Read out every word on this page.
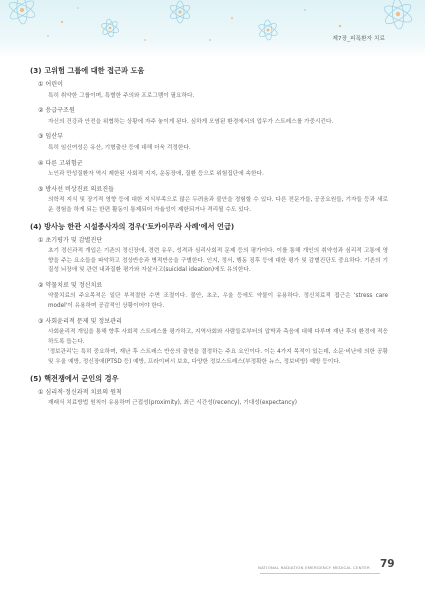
제7장_피폭환자 치료
(3) 고위험 그룹에 대한 접근과 도움
① 어린이
특히 취약한 그룹이며, 특별한 주의와 프로그램이 필요하다.
② 응급구조원
자신의 건강과 안전을 위협하는 상황에 자주 놓이게 된다. 심하게 오염된 환경에서의 업무가 스트레스를 가중시킨다.
③ 임산부
특히 임신여성은 유산, 기형출산 등에 대해 더욱 걱정한다.
④ 다른 고위험군
노인과 만성질환자 역시 제한된 사회적 지지, 운동장애, 질환 등으로 위험집단에 속한다.
⑤ 방사선 비상진료 의료진들
의학적 지식 및 장기적 영향 등에 대한 지식부족으로 많은 두려움과 불안을 경험할 수 있다. 다른 전문가들, 공공요원들, 기자들 등과 새로운 경험을 하게 되는 한편 활동이 통제되어 자율성이 제한되거나 격리될 수도 있다.
(4) 방사능 한관 시설종사자의 경우('토카이무라 사례'에서 언급)
① 초기평가 및 감별진단
초기 정신과적 개입은 기존의 정신장애, 경련 유무, 성격과 심리사회적 문제 등의 평가이다. 이를 통해 개인의 취약성과 심리적 고통에 영향을 주는 요소들을 파악하고 정상반응과 병적반응을 구별한다. 인지, 정서, 행동 징후 등에 대한 평가 및 감별진단도 중요하다. 기존의 기질성 뇌장애 및 관련 내과질환 평가와 자살사고(suicidal ideation)에도 유의한다.
② 약물치료 및 정신치료
약물치료의 주요목적은 일단 부적절한 수면 조절이다. 불안, 초조, 우울 등에도 약물이 유용하다. 정신치료적 접근은 'stress care model'이 유용하며 공감적인 상황이어야 한다.
③ 사회윤리적 문제 및 정보관리
사회윤리적 개입을 통해 향후 사회적 스트레스를 평가하고, 지역사회와 사람들로부터의 압박과 측음에 대해 다루며 재난 후의 환경에 적응하도록 돕는다.
'정보관리'는 특히 중요하며, 재난 후 스트레스 반응의 출현을 결정하는 주요 요인이다. 이는 4가지 목적이 있는데, 소문·비난에 의한 공황 및 우울 예방, 정신장애(PTSD 등) 예방, 프라이버시 보호, 다양한 정보스트레스(부정확한 뉴스, 정보비방) 예방 등이다.
(5) 핵전쟁에서 군인의 경우
① 심리적·정신과적 치료의 원칙
재래식 치료방법 원칙이 유용하며 근접성(proximity), 최근 시간성(recency), 기대성(expectancy)
NATIONAL RADIATION EMERGENCY MEDICAL CENTER 79
